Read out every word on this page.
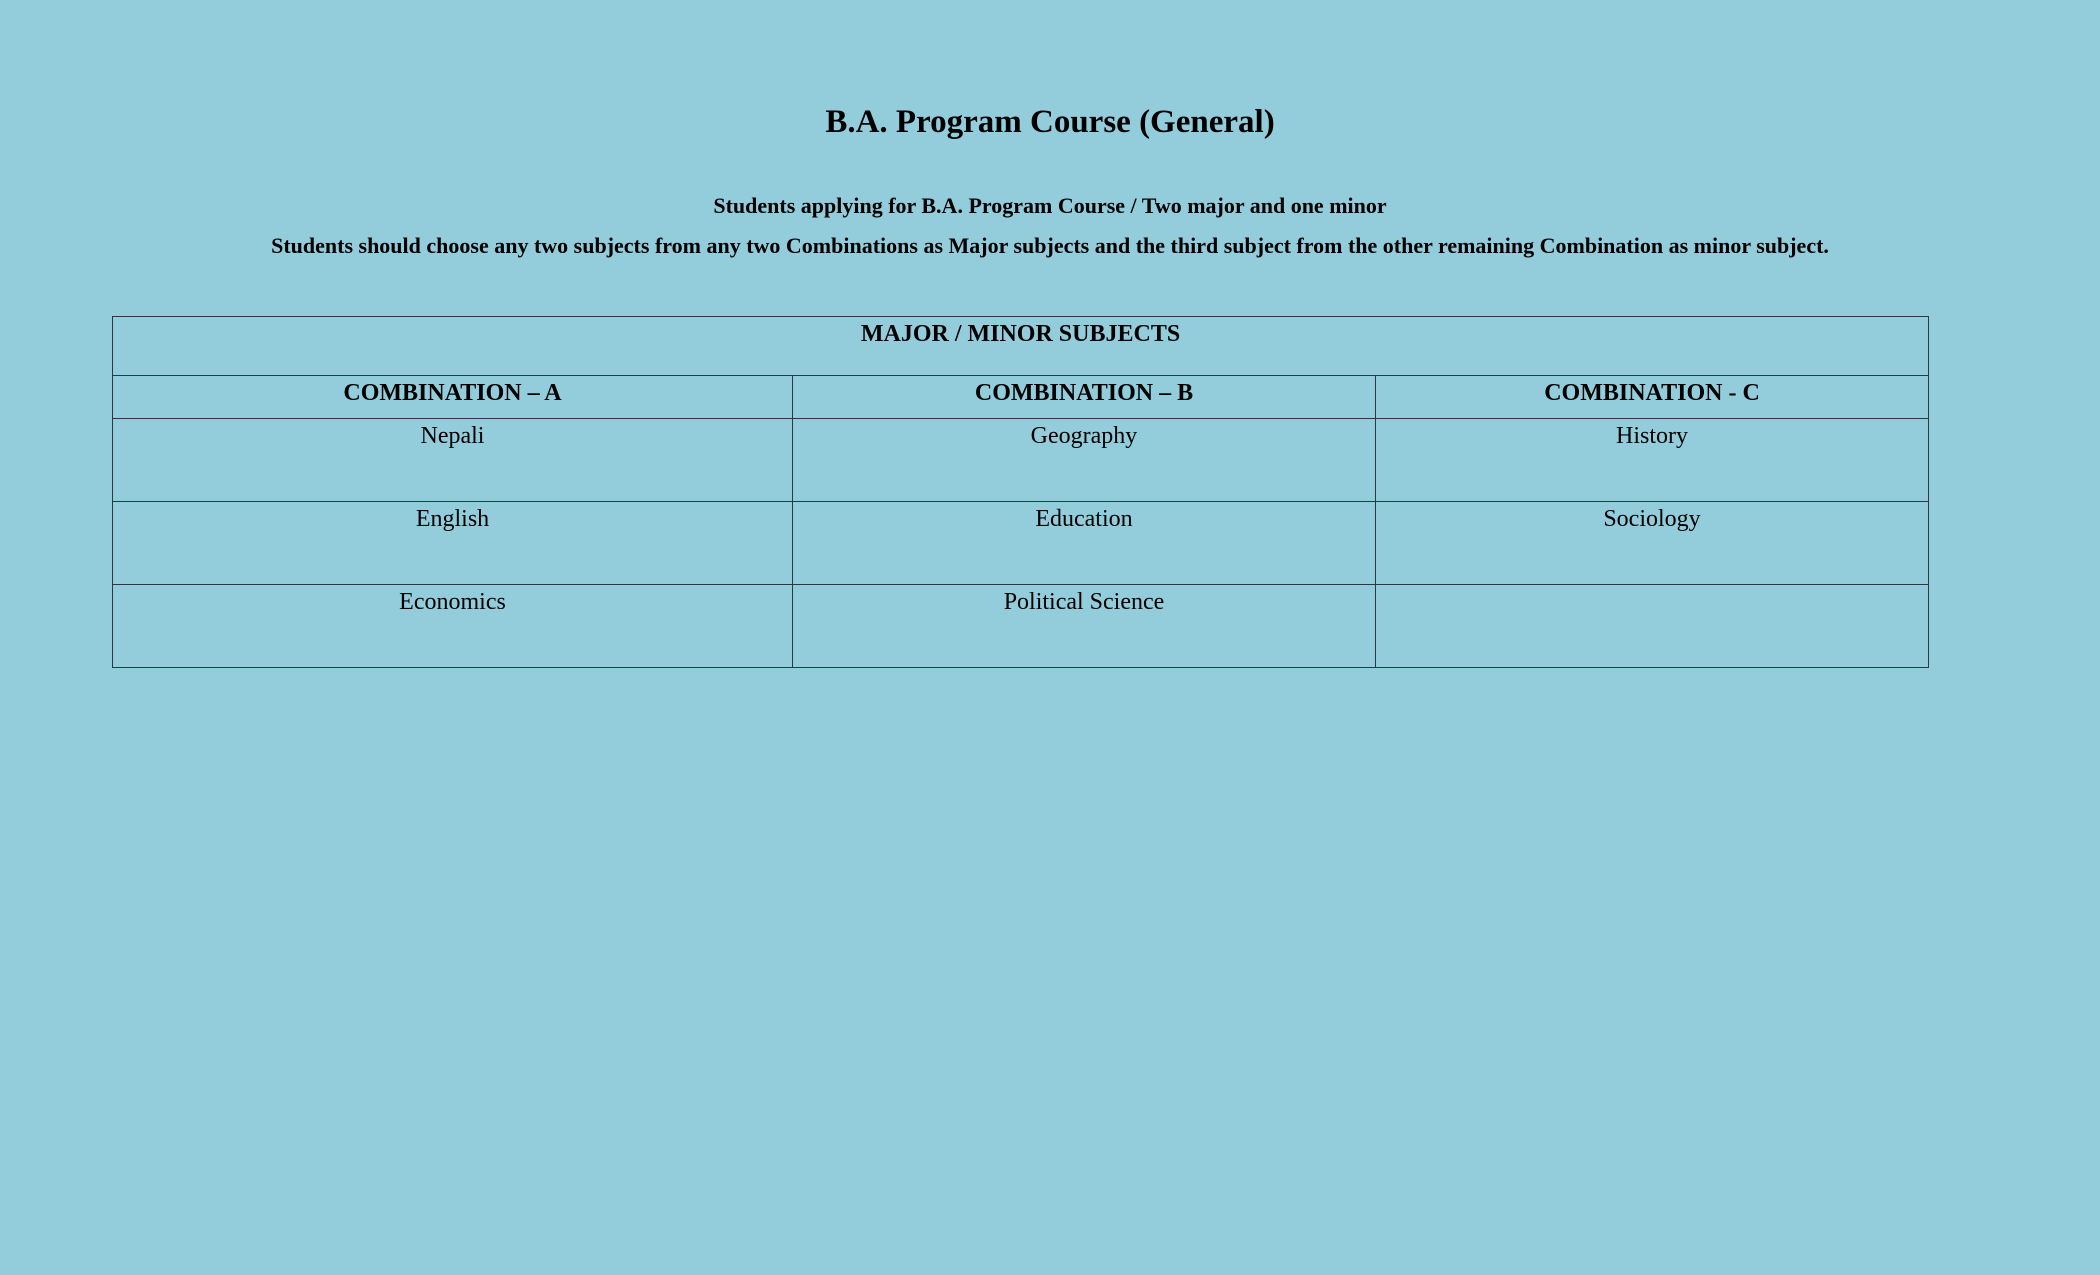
B.A. Program Course (General)

Students applying for B.A. Program Course / Two major and one minor

Students should choose any two subjects from any two Combinations as Major subjects and the third subject from the other remaining Combination as minor subject.

MAJOR / MINOR SUBJECTS		
COMBINATION – A	COMBINATION – B	COMBINATION - C
Nepali	Geography	History
English	Education	Sociology
Economics	Political Science	
